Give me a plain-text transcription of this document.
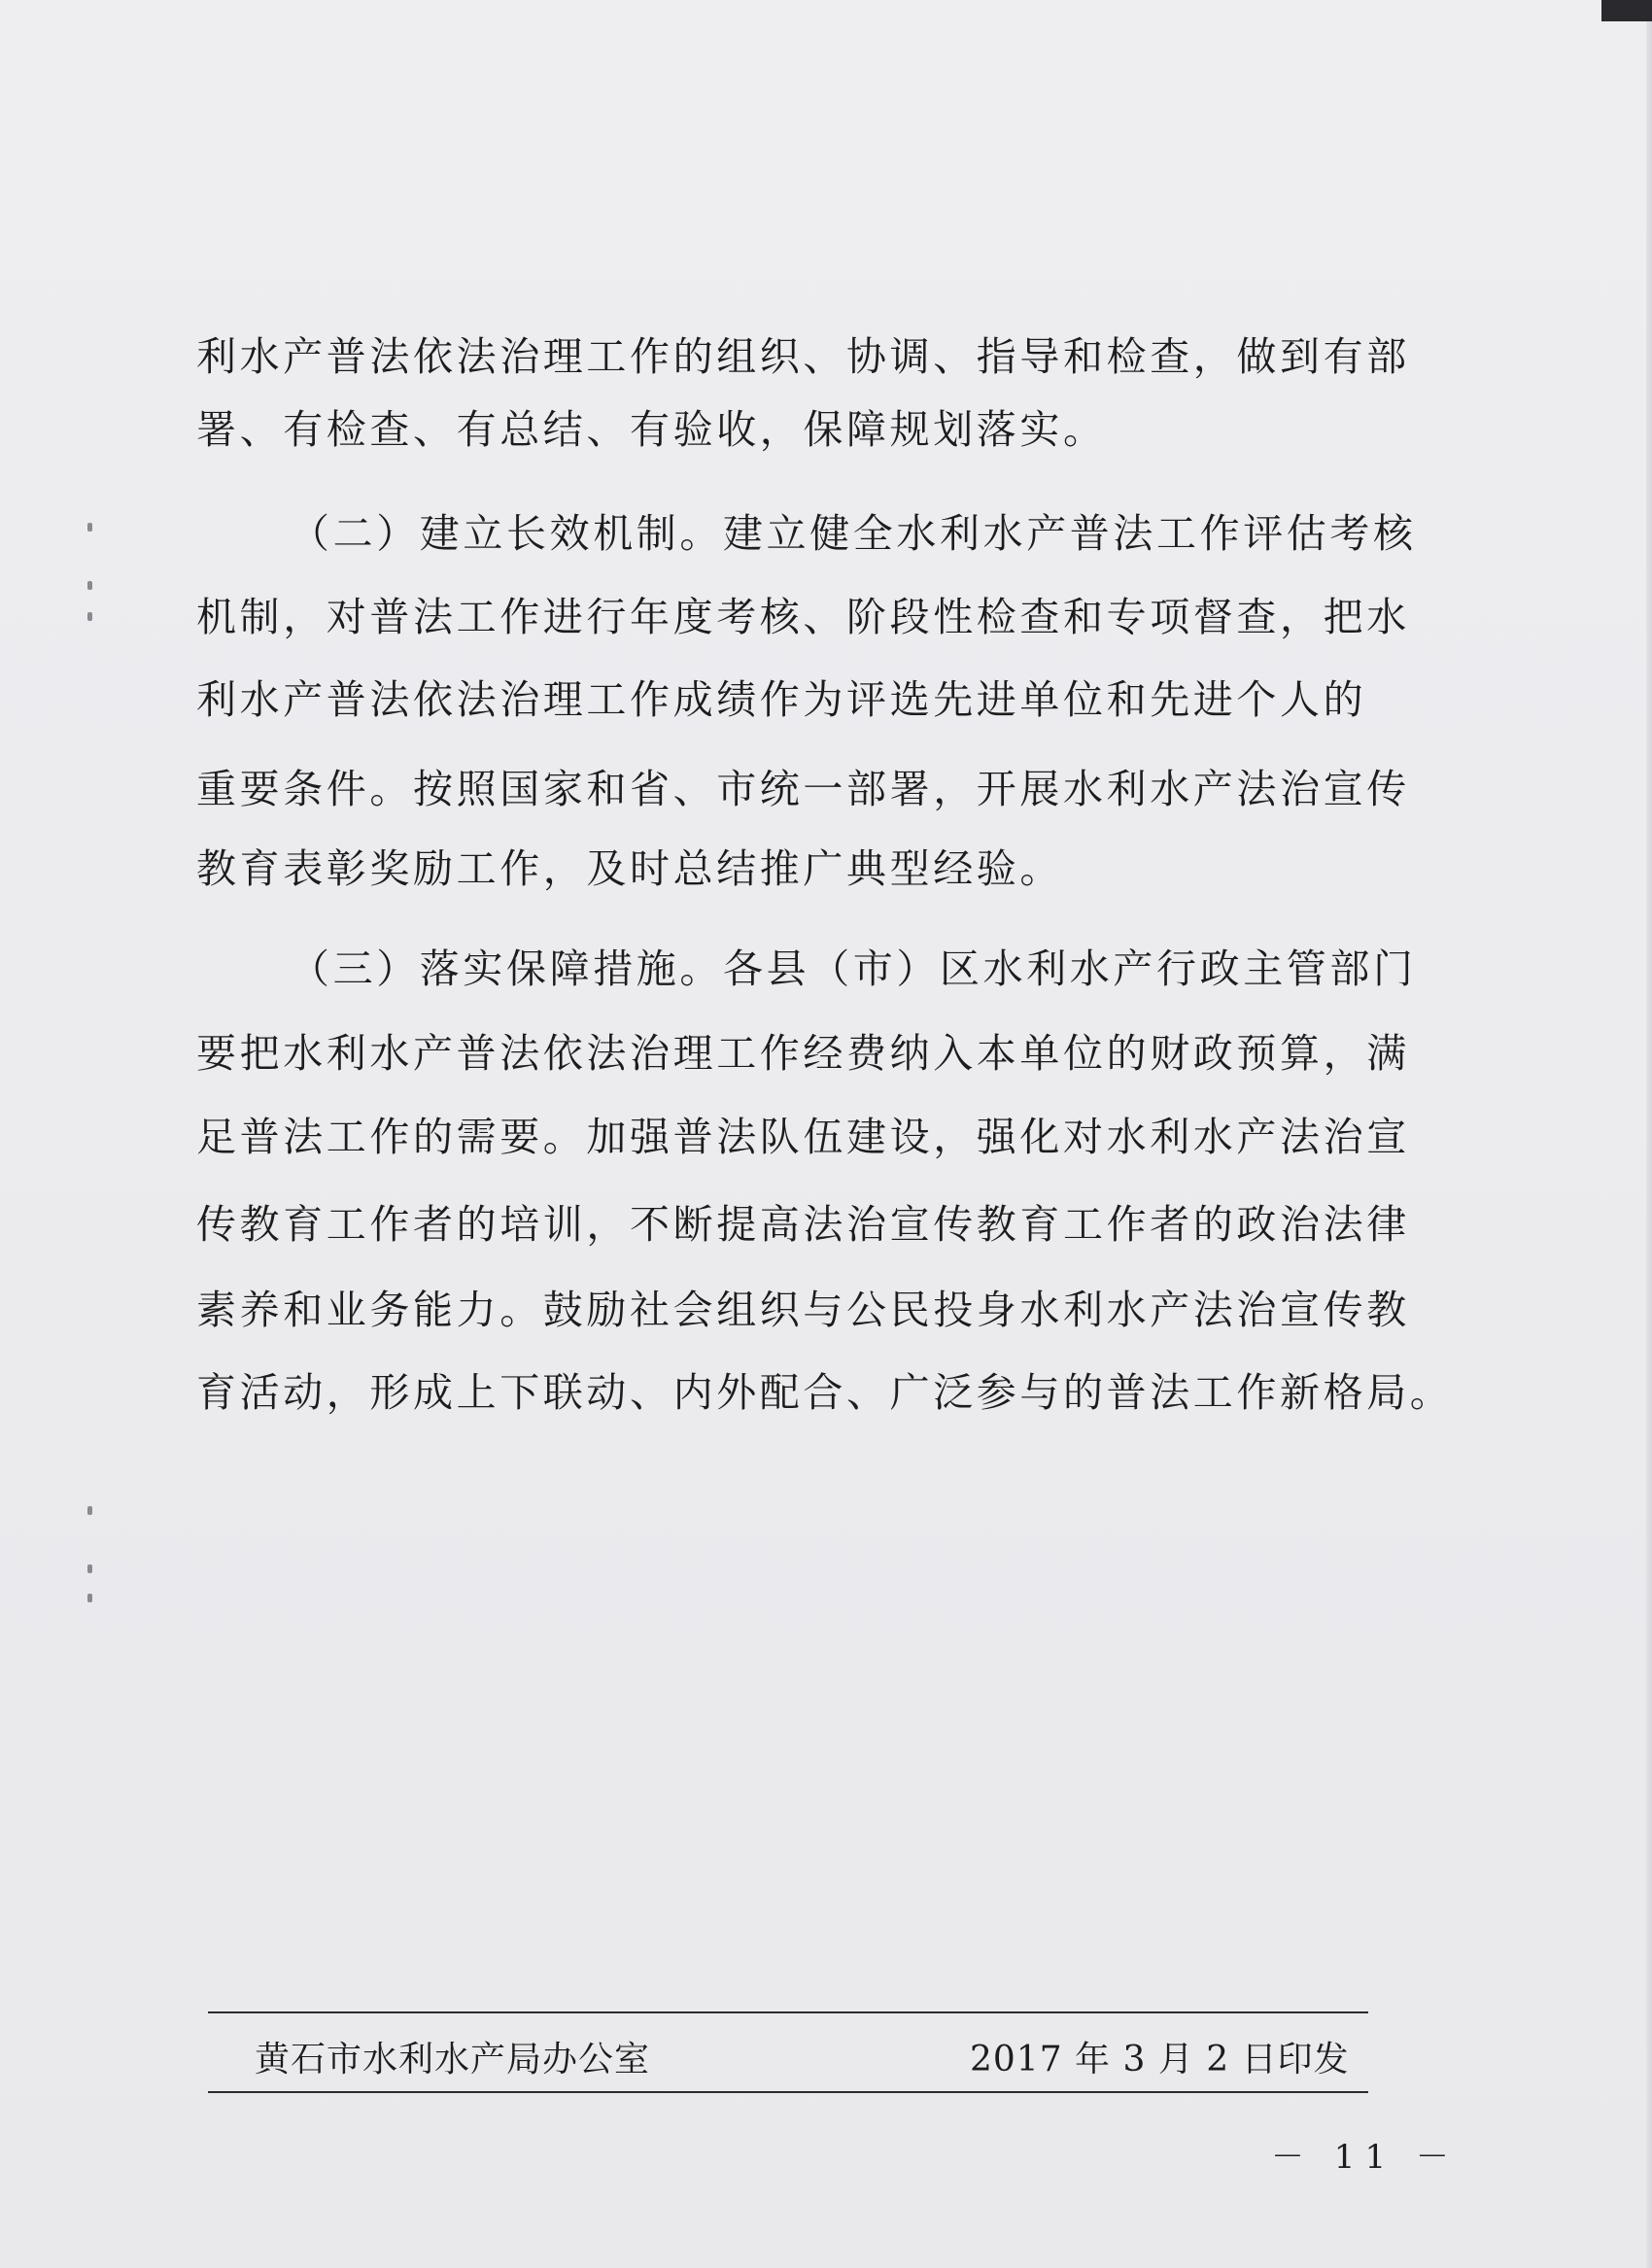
利水产普法依法治理工作的组织、协调、指导和检查，做到有部
署、有检查、有总结、有验收，保障规划落实。
（二）建立长效机制。建立健全水利水产普法工作评估考核
机制，对普法工作进行年度考核、阶段性检查和专项督查，把水
利水产普法依法治理工作成绩作为评选先进单位和先进个人的
重要条件。按照国家和省、市统一部署，开展水利水产法治宣传
教育表彰奖励工作，及时总结推广典型经验。
（三）落实保障措施。各县（市）区水利水产行政主管部门
要把水利水产普法依法治理工作经费纳入本单位的财政预算，满
足普法工作的需要。加强普法队伍建设，强化对水利水产法治宣
传教育工作者的培训，不断提高法治宣传教育工作者的政治法律
素养和业务能力。鼓励社会组织与公民投身水利水产法治宣传教
育活动，形成上下联动、内外配合、广泛参与的普法工作新格局。
黄石市水利水产局办公室	2017 年 3 月 2 日印发
－ 11 －
